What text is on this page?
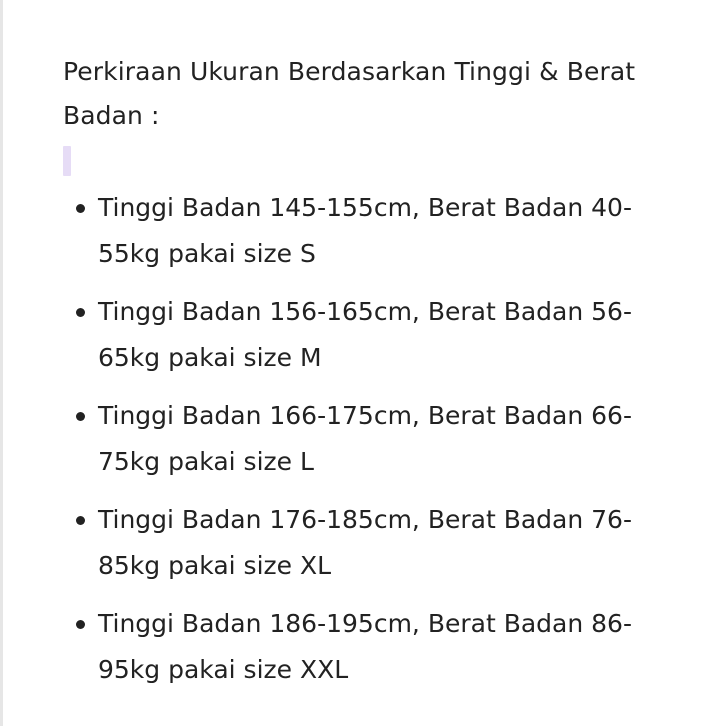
Perkiraan Ukuran Berdasarkan Tinggi & Berat
Badan :
Tinggi Badan 145-155cm, Berat Badan 40-
55kg pakai size S
Tinggi Badan 156-165cm, Berat Badan 56-
65kg pakai size M
Tinggi Badan 166-175cm, Berat Badan 66-
75kg pakai size L
Tinggi Badan 176-185cm, Berat Badan 76-
85kg pakai size XL
Tinggi Badan 186-195cm, Berat Badan 86-
95kg pakai size XXL
